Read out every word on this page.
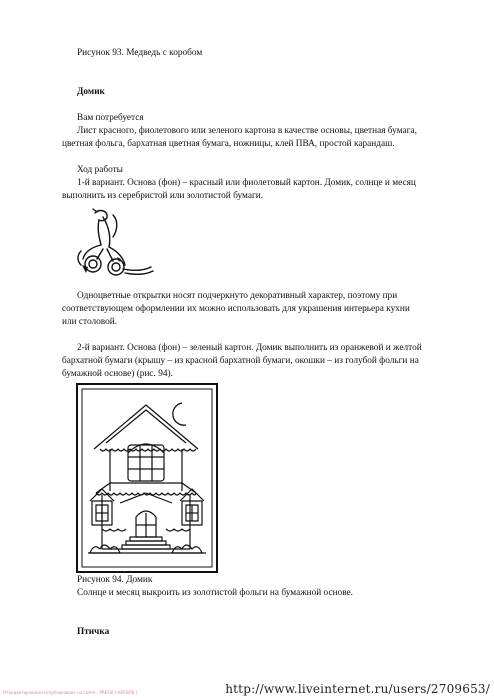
Рисунок 93. Медведь с коробом
Домик
Вам потребуется
Лист красного, фиолетового или зеленого картона в качестве основы, цветная бумага,
цветная фольга, бархатная цветная бумага, ножницы, клей ПВА, простой карандаш.
Ход работы
1-й вариант. Основа (фон) – красный или фиолетовый картон. Домик, солнце и месяц
выполнить из серебристой или золотистой бумаги.
Одноцветные открытки носят подчеркнуто декоративный характер, поэтому при
соответствующем оформлении их можно использовать для украшения интерьера кухни
или столовой.
2-й вариант. Основа (фон) – зеленый картон. Домик выполнить из оранжевой и желтой
бархатной бумаги (крышу – из красной бархатной бумаги, окошки – из голубой фольги на
бумажной основе) (рис. 94).
Рисунок 94. Домик
Солнце и месяц выкроить из золотистой фольги на бумажной основе.
Птичка
Отредактировано и опубликовано на сайте - PRESSI ( HERSON )	http://www.liveinternet.ru/users/2709653/
